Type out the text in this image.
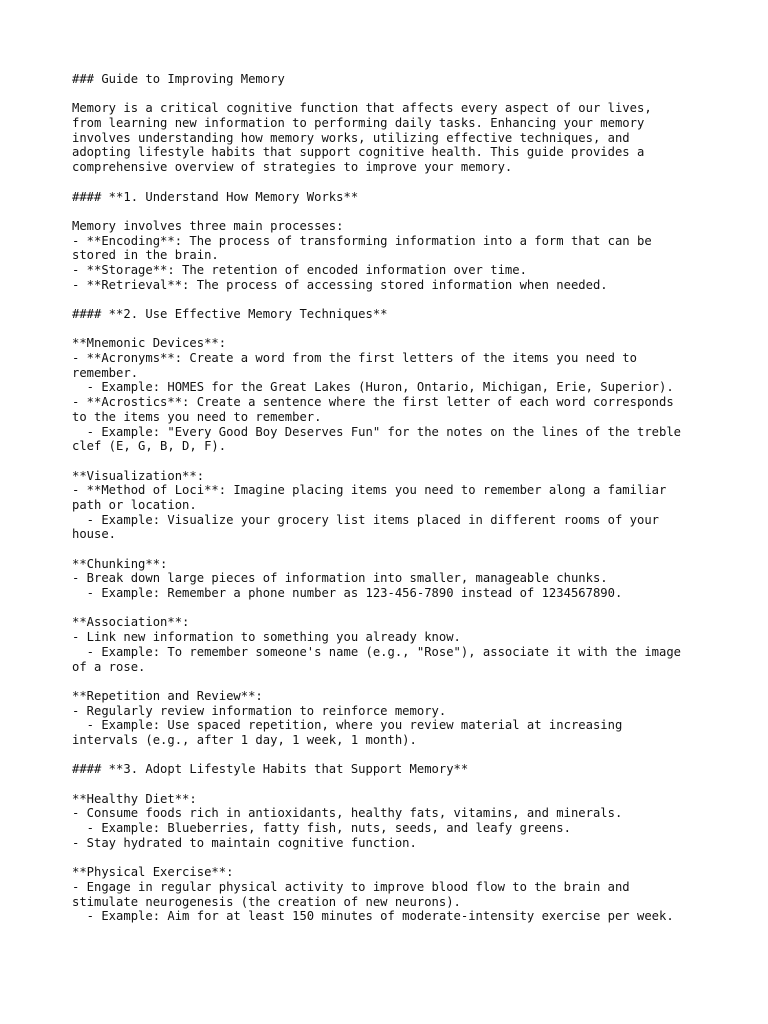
### Guide to Improving Memory
Memory is a critical cognitive function that affects every aspect of our lives,
from learning new information to performing daily tasks. Enhancing your memory
involves understanding how memory works, utilizing effective techniques, and
adopting lifestyle habits that support cognitive health. This guide provides a
comprehensive overview of strategies to improve your memory.
#### **1. Understand How Memory Works**
Memory involves three main processes:
- **Encoding**: The process of transforming information into a form that can be
stored in the brain.
- **Storage**: The retention of encoded information over time.
- **Retrieval**: The process of accessing stored information when needed.
#### **2. Use Effective Memory Techniques**
**Mnemonic Devices**:
- **Acronyms**: Create a word from the first letters of the items you need to
remember.
- Example: HOMES for the Great Lakes (Huron, Ontario, Michigan, Erie, Superior).
- **Acrostics**: Create a sentence where the first letter of each word corresponds
to the items you need to remember.
- Example: "Every Good Boy Deserves Fun" for the notes on the lines of the treble
clef (E, G, B, D, F).
**Visualization**:
- **Method of Loci**: Imagine placing items you need to remember along a familiar
path or location.
- Example: Visualize your grocery list items placed in different rooms of your
house.
**Chunking**:
- Break down large pieces of information into smaller, manageable chunks.
- Example: Remember a phone number as 123-456-7890 instead of 1234567890.
**Association**:
- Link new information to something you already know.
- Example: To remember someone's name (e.g., "Rose"), associate it with the image
of a rose.
**Repetition and Review**:
- Regularly review information to reinforce memory.
- Example: Use spaced repetition, where you review material at increasing
intervals (e.g., after 1 day, 1 week, 1 month).
#### **3. Adopt Lifestyle Habits that Support Memory**
**Healthy Diet**:
- Consume foods rich in antioxidants, healthy fats, vitamins, and minerals.
- Example: Blueberries, fatty fish, nuts, seeds, and leafy greens.
- Stay hydrated to maintain cognitive function.
**Physical Exercise**:
- Engage in regular physical activity to improve blood flow to the brain and
stimulate neurogenesis (the creation of new neurons).
- Example: Aim for at least 150 minutes of moderate-intensity exercise per week.
